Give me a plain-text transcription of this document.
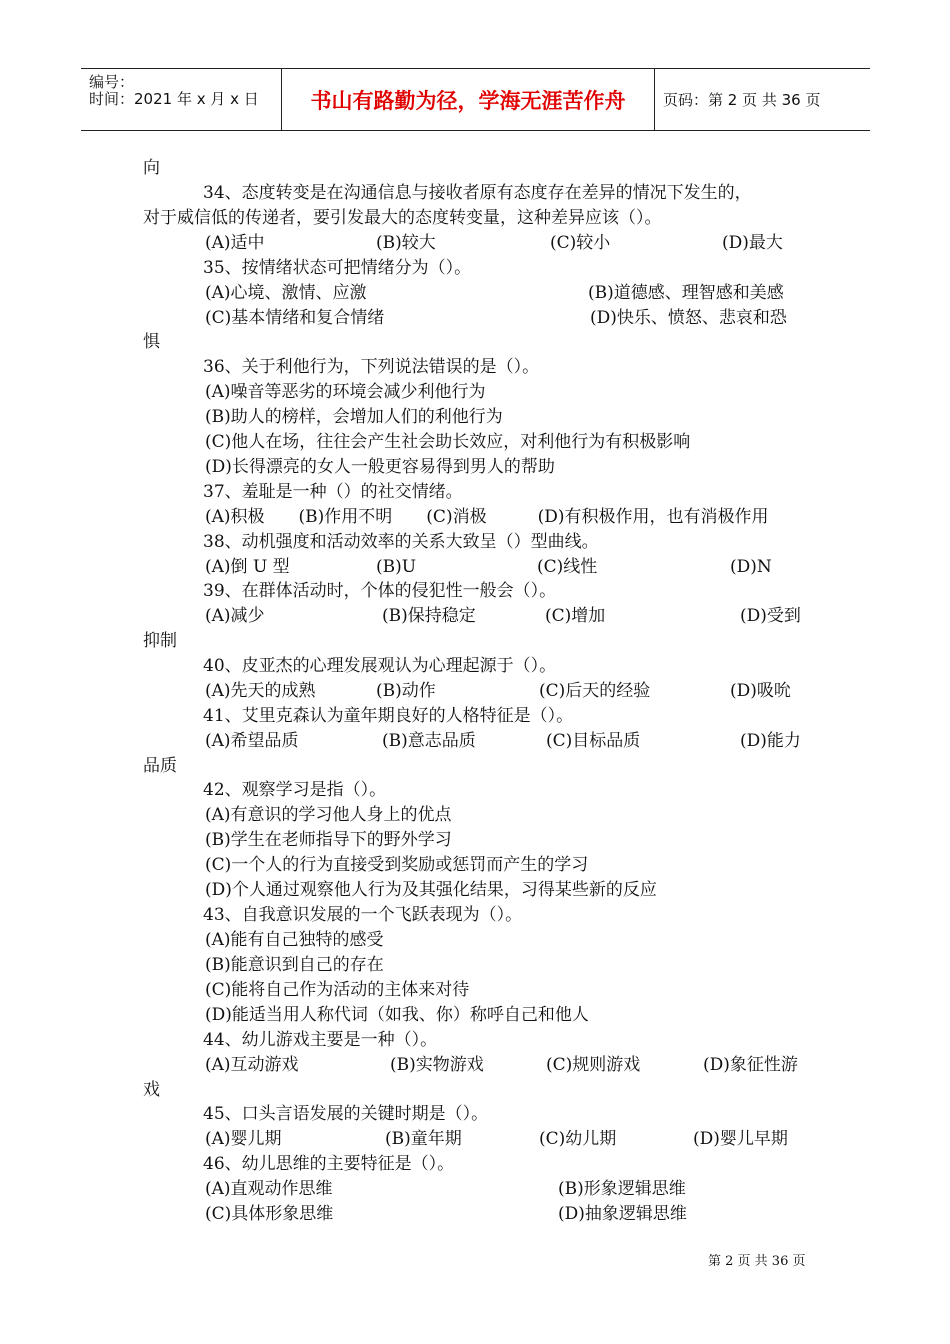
编号：
时间：2021 年 x 月 x 日	书山有路勤为径，学海无涯苦作舟	页码：第 2 页 共 36 页
向
34、态度转变是在沟通信息与接收者原有态度存在差异的情况下发生的，
对于威信低的传递者，要引发最大的态度转变量，这种差异应该（）。
(A)适中	(B)较大	(C)较小	(D)最大
35、按情绪状态可把情绪分为（）。
(A)心境、激情、应激	(B)道德感、理智感和美感
(C)基本情绪和复合情绪	(D)快乐、愤怒、悲哀和恐
惧
36、关于利他行为，下列说法错误的是（）。
(A)噪音等恶劣的环境会减少利他行为
(B)助人的榜样，会增加人们的利他行为
(C)他人在场，往往会产生社会助长效应，对利他行为有积极影响
(D)长得漂亮的女人一般更容易得到男人的帮助
37、羞耻是一种（）的社交情绪。
(A)积极　　(B)作用不明　　(C)消极　　　(D)有积极作用，也有消极作用
38、动机强度和活动效率的关系大致呈（）型曲线。
(A)倒 U 型	(B)U	(C)线性	(D)N
39、在群体活动时，个体的侵犯性一般会（）。
(A)减少	(B)保持稳定	(C)增加	(D)受到
抑制
40、皮亚杰的心理发展观认为心理起源于（）。
(A)先天的成熟	(B)动作	(C)后天的经验	(D)吸吮
41、艾里克森认为童年期良好的人格特征是（）。
(A)希望品质	(B)意志品质	(C)目标品质	(D)能力
品质
42、观察学习是指（）。
(A)有意识的学习他人身上的优点
(B)学生在老师指导下的野外学习
(C)一个人的行为直接受到奖励或惩罚而产生的学习
(D)个人通过观察他人行为及其强化结果，习得某些新的反应
43、自我意识发展的一个飞跃表现为（）。
(A)能有自己独特的感受
(B)能意识到自己的存在
(C)能将自己作为活动的主体来对待
(D)能适当用人称代词（如我、你）称呼自己和他人
44、幼儿游戏主要是一种（）。
(A)互动游戏	(B)实物游戏	(C)规则游戏	(D)象征性游
戏
45、口头言语发展的关键时期是（）。
(A)婴儿期	(B)童年期	(C)幼儿期	(D)婴儿早期
46、幼儿思维的主要特征是（）。
(A)直观动作思维	(B)形象逻辑思维
(C)具体形象思维	(D)抽象逻辑思维
第 2 页 共 36 页
